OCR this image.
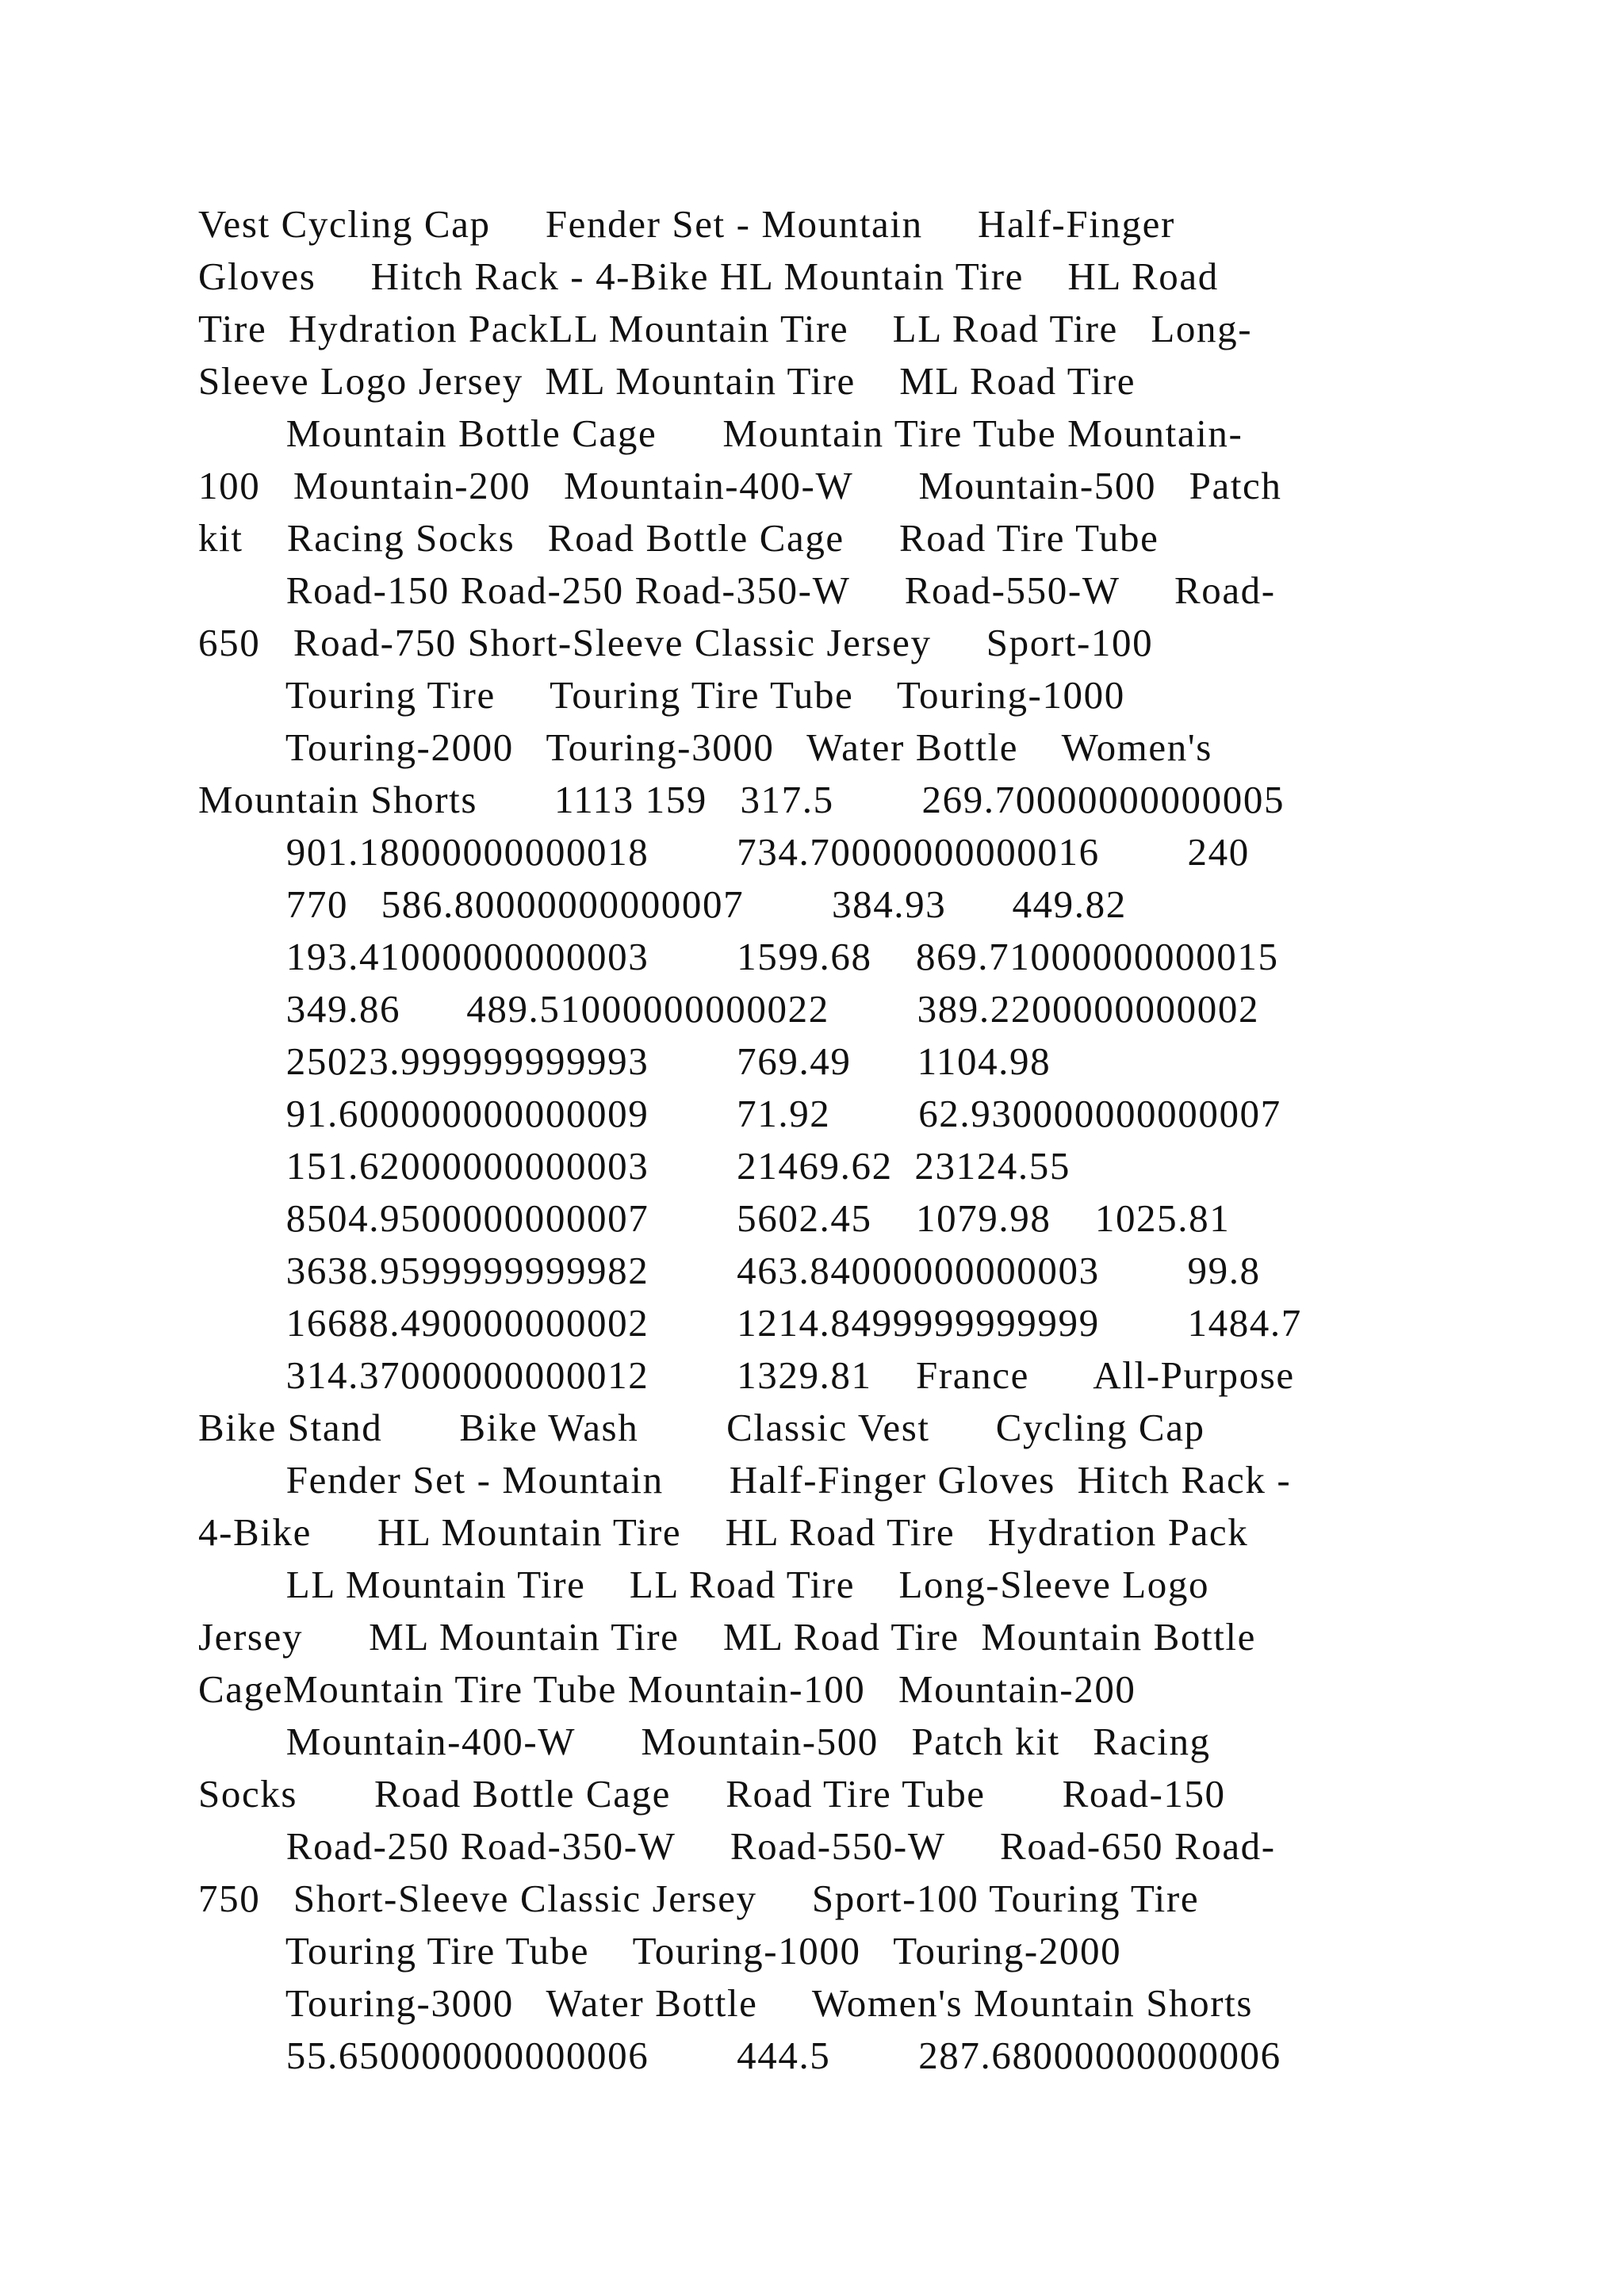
Vest Cycling Cap     Fender Set - Mountain     Half-Finger
Gloves     Hitch Rack - 4-Bike HL Mountain Tire    HL Road
Tire  Hydration PackLL Mountain Tire    LL Road Tire   Long-
Sleeve Logo Jersey  ML Mountain Tire    ML Road Tire
Mountain Bottle Cage      Mountain Tire Tube Mountain-
100   Mountain-200   Mountain-400-W      Mountain-500   Patch
kit    Racing Socks   Road Bottle Cage     Road Tire Tube
Road-150 Road-250 Road-350-W     Road-550-W     Road-
650   Road-750 Short-Sleeve Classic Jersey     Sport-100
Touring Tire     Touring Tire Tube    Touring-1000
Touring-2000   Touring-3000   Water Bottle    Women's
Mountain Shorts       1113 159   317.5        269.70000000000005
901.18000000000018        734.70000000000016        240
770   586.80000000000007        384.93      449.82
193.41000000000003        1599.68    869.71000000000015
349.86      489.51000000000022        389.2200000000002
25023.999999999993        769.49      1104.98
91.600000000000009        71.92        62.930000000000007
151.62000000000003        21469.62  23124.55
8504.9500000000007        5602.45    1079.98    1025.81
3638.9599999999982        463.84000000000003        99.8
16688.490000000002        1214.8499999999999        1484.7
314.37000000000012        1329.81    France      All-Purpose
Bike Stand       Bike Wash        Classic Vest      Cycling Cap
Fender Set - Mountain      Half-Finger Gloves  Hitch Rack -
4-Bike      HL Mountain Tire    HL Road Tire   Hydration Pack
LL Mountain Tire    LL Road Tire    Long-Sleeve Logo
Jersey      ML Mountain Tire    ML Road Tire  Mountain Bottle
CageMountain Tire Tube Mountain-100   Mountain-200
Mountain-400-W      Mountain-500   Patch kit   Racing
Socks       Road Bottle Cage     Road Tire Tube       Road-150
Road-250 Road-350-W     Road-550-W     Road-650 Road-
750   Short-Sleeve Classic Jersey     Sport-100 Touring Tire
Touring Tire Tube    Touring-1000   Touring-2000
Touring-3000   Water Bottle     Women's Mountain Shorts
55.650000000000006        444.5        287.68000000000006
